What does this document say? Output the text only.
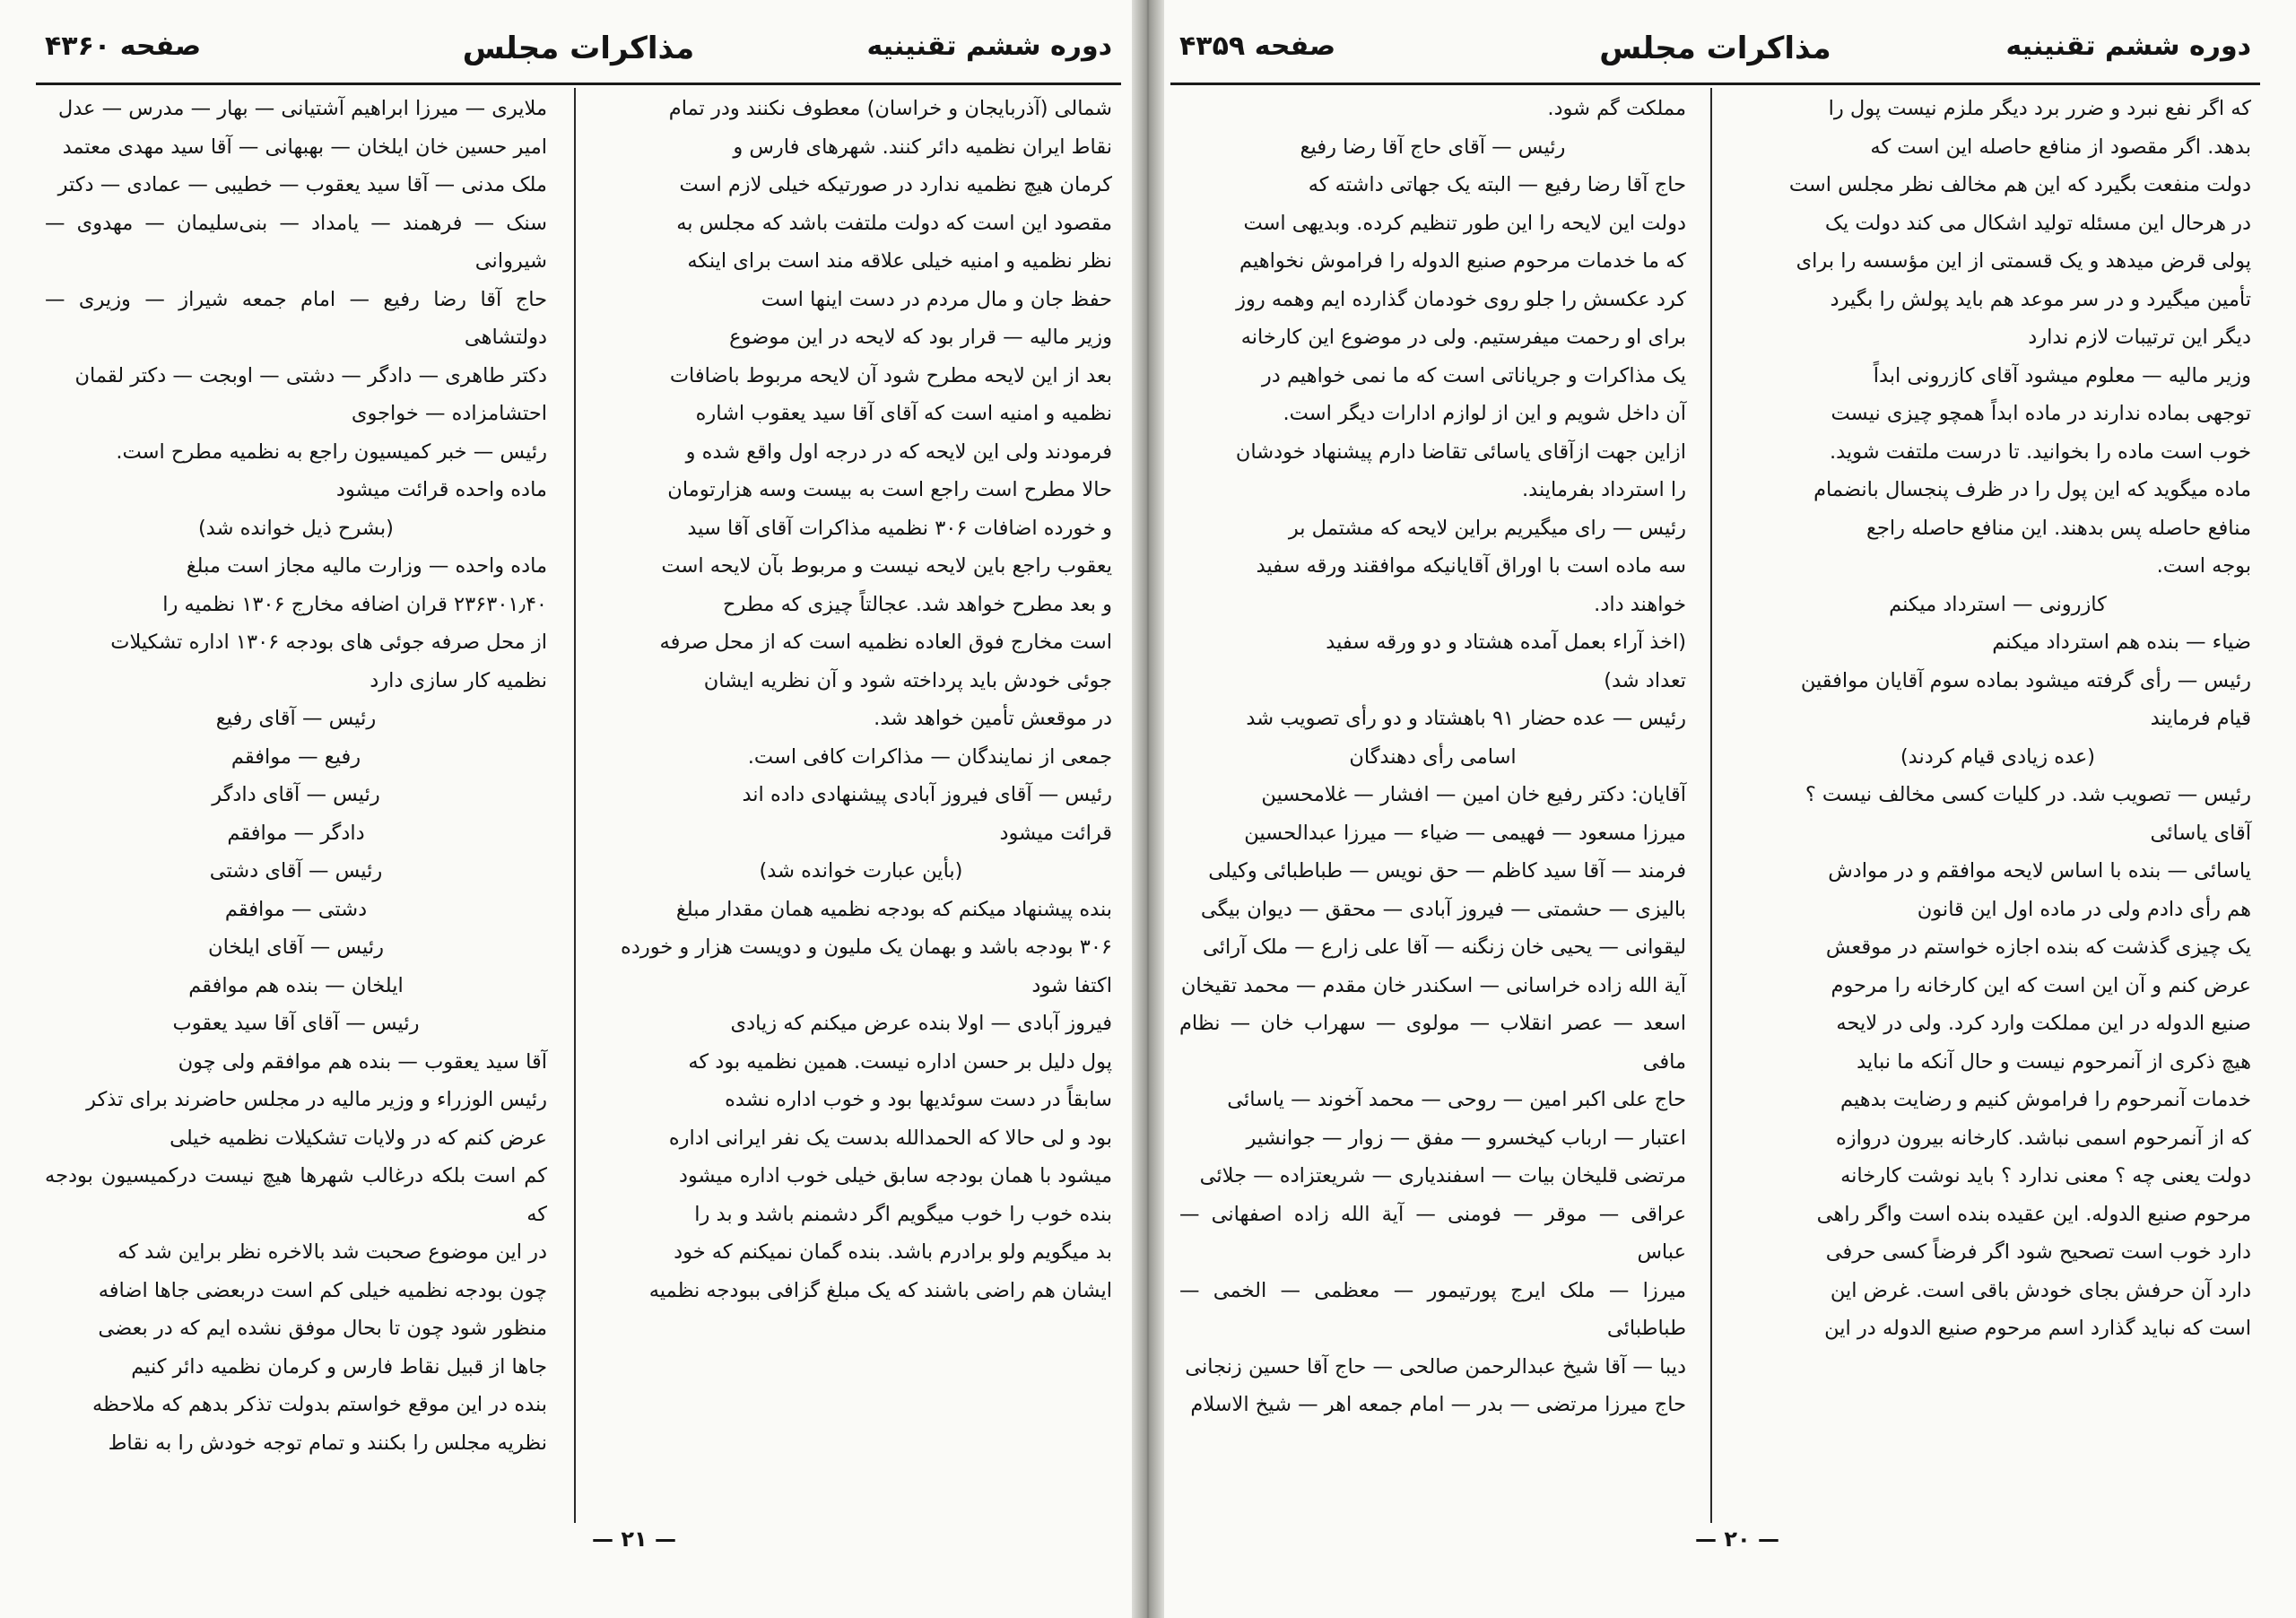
صفحه ۴۳۶۰	مذاکرات مجلس	دوره ششم تقنینیه

شمالی (آذربایجان و خراسان) معطوف نکنند ودر تمام

نقاط ایران نظمیه دائر کنند. شهرهای فارس و

کرمان هیچ نظمیه ندارد در صورتیکه خیلی لازم است

مقصود این است که دولت ملتفت باشد که مجلس به

نظر نظمیه و امنیه خیلی علاقه مند است برای اینکه

حفظ جان و مال مردم در دست اینها است

وزیر مالیه — قرار بود که لایحه در این موضوع

بعد از این لایحه مطرح شود آن لایحه مربوط باضافات

نظمیه و امنیه است که آقای آقا سید یعقوب اشاره

فرمودند ولی این لایحه که در درجه اول واقع شده و

حالا مطرح است راجع است به بیست وسه هزارتومان

و خورده اضافات ۳۰۶ نظمیه مذاکرات آقای آقا سید

یعقوب راجع باین لایحه نیست و مربوط بآن لایحه است

و بعد مطرح خواهد شد. عجالتاً چیزی که مطرح

است مخارج فوق العاده نظمیه است که از محل صرفه

جوئی خودش باید پرداخته شود و آن نظریه ایشان

در موقعش تأمین خواهد شد.

جمعی از نمایندگان — مذاکرات کافی است.

رئیس — آقای فیروز آبادی پیشنهادی داده اند

قرائت میشود

(بأين عبارت خوانده شد)

بنده پیشنهاد میکنم که بودجه نظمیه همان مقدار مبلغ

۳۰۶ بودجه باشد و بهمان یک ملیون و دویست هزار و خورده

اکتفا شود

فیروز آبادی — اولا بنده عرض میکنم که زیادی

پول دلیل بر حسن اداره نیست. همین نظمیه بود که

سابقاً در دست سوئدیها بود و خوب اداره نشده

بود و لی حالا که الحمدالله بدست یک نفر ایرانی اداره

میشود با همان بودجه سابق خیلی خوب اداره میشود

بنده خوب را خوب میگویم اگر دشمنم باشد و بد را

بد میگویم ولو برادرم باشد. بنده گمان نمیکنم که خود

ایشان هم راضی باشند که یک مبلغ گزافی ببودجه نظمیه

ملایری — میرزا ابراهیم آشتیانی — بهار — مدرس — عدل

امیر حسین خان ایلخان — بهبهانی — آقا سید مهدی معتمد

ملک مدنی — آقا سید یعقوب — خطیبی — عمادی — دکتر

سنک — فرهمند — یامداد — بنی‌سلیمان — مهدوی — شیروانی

حاج آقا رضا رفیع — امام جمعه شیراز — وزیری — دولتشاهی

دکتر طاهری — دادگر — دشتی — اوبجت — دکتر لقمان

احتشامزاده — خواجوی

رئیس — خبر کمیسیون راجع به نظمیه مطرح است.

ماده واحده قرائت میشود

(بشرح ذیل خوانده شد)

ماده واحده — وزارت مالیه مجاز است مبلغ

۲۳۶۳۰۱٫۴۰ قران اضافه مخارج ۱۳۰۶ نظمیه را

از محل صرفه جوئی های بودجه ۱۳۰۶ اداره تشکیلات

نظمیه کار سازی دارد

رئیس — آقای رفیع

رفیع — موافقم

رئیس — آقای دادگر

دادگر — موافقم

رئیس — آقای دشتی

دشتی — موافقم

رئیس — آقای ایلخان

ایلخان — بنده هم موافقم

رئیس — آقای آقا سید یعقوب

آقا سید یعقوب — بنده هم موافقم ولی چون

رئیس الوزراء و وزیر مالیه در مجلس حاضرند برای تذکر

عرض کنم که در ولایات تشکیلات نظمیه خیلی

کم است بلکه درغالب شهرها هیچ نیست درکمیسیون بودجه که

در این موضوع صحبت شد بالاخره نظر براین شد که

چون بودجه نظمیه خیلی کم است دربعضی جاها اضافه

منظور شود چون تا بحال موفق نشده ایم که در بعضی

جاها از قبیل نقاط فارس و کرمان نظمیه دائر کنیم

بنده در این موقع خواستم بدولت تذکر بدهم که ملاحظه

نظریه مجلس را بکنند و تمام توجه خودش را به نقاط

— ۲۱ —
صفحه ۴۳۵۹	مذاکرات مجلس	دوره ششم تقنینیه

که اگر نفع نبرد و ضرر برد دیگر ملزم نیست پول را

بدهد. اگر مقصود از منافع حاصله این است که

دولت منفعت بگیرد که این هم مخالف نظر مجلس است

در هرحال این مسئله تولید اشکال می کند دولت یک

پولی قرض میدهد و یک قسمتی از این مؤسسه را برای

تأمین میگیرد و در سر موعد هم باید پولش را بگیرد

دیگر این ترتیبات لازم ندارد

وزیر مالیه — معلوم میشود آقای کازرونی ابداً

توجهی بماده ندارند در ماده ابداً همچو چیزی نیست

خوب است ماده را بخوانید. تا درست ملتفت شوید.

ماده میگوید که این پول را در ظرف پنجسال بانضمام

منافع حاصله پس بدهند. این منافع حاصله راجع

بوجه است.

کازرونی — استرداد میکنم

ضیاء — بنده هم استرداد میکنم

رئیس — رأی گرفته میشود بماده سوم آقایان موافقین

قیام فرمایند

(عده زیادی قیام کردند)

رئیس — تصویب شد. در کلیات کسی مخالف نیست ؟

آقای یاسائی

یاسائی — بنده با اساس لایحه موافقم و در موادش

هم رأی دادم ولی در ماده اول این قانون

یک چیزی گذشت که بنده اجازه خواستم در موقعش

عرض کنم و آن این است که این کارخانه را مرحوم

صنیع الدوله در این مملکت وارد کرد. ولی در لایحه

هیچ ذکری از آنمرحوم نیست و حال آنکه ما نباید

خدمات آنمرحوم را فراموش کنیم و رضایت بدهیم

که از آنمرحوم اسمی نباشد. کارخانه بیرون دروازه

دولت یعنی چه ؟ معنی ندارد ؟ باید نوشت کارخانه

مرحوم صنیع الدوله. این عقیده بنده است واگر راهی

دارد خوب است تصحیح شود اگر فرضاً کسی حرفی

دارد آن حرفش بجای خودش باقی است. غرض این

است که نباید گذارد اسم مرحوم صنیع الدوله در این

مملکت گم شود.

رئیس — آقای حاج آقا رضا رفیع

حاج آقا رضا رفیع — البته یک جهاتی داشته که

دولت این لایحه را این طور تنظیم کرده. وبدیهی است

که ما خدمات مرحوم صنیع الدوله را فراموش نخواهیم

کرد عکسش را جلو روی خودمان گذارده ایم وهمه روز

برای او رحمت میفرستیم. ولی در موضوع این کارخانه

یک مذاکرات و جریاناتی است که ما نمی خواهیم در

آن داخل شویم و این از لوازم ادارات دیگر است.

ازاین جهت ازآقای یاسائی تقاضا دارم پیشنهاد خودشان

را استرداد بفرمایند.

رئیس — رای میگیریم براین لایحه که مشتمل بر

سه ماده است با اوراق آقایانیکه موافقند ورقه سفید

خواهند داد.

(اخذ آراء بعمل آمده هشتاد و دو ورقه سفید

تعداد شد)

رئیس — عده حضار ۹۱ باهشتاد و دو رأی تصویب شد

اسامی رأی دهندگان

آقایان: دکتر رفیع خان امین — افشار — غلامحسین

میرزا مسعود — فهیمی — ضیاء — میرزا عبدالحسین

فرمند — آقا سید کاظم — حق نویس — طباطبائی وکیلی

بالیزی — حشمتی — فیروز آبادی — محقق — دیوان بیگی

لیقوانی — یحیی خان زنگنه — آقا علی زارع — ملک آرائی

آیة الله زاده خراسانی — اسکندر خان مقدم — محمد تقیخان

اسعد — عصر انقلاب — مولوی — سهراب خان — نظام مافی

حاج علی اکبر امین — روحی — محمد آخوند — یاسائی

اعتبار — ارباب کیخسرو — مفق — زوار — جوانشیر

مرتضی قلیخان بیات — اسفندیاری — شریعتزاده — جلائی

عراقی — موقر — فومنی — آیة الله زاده اصفهانی — عباس

میرزا — ملک ایرج پورتیمور — معظمی — الخمی — طباطبائی

دیبا — آقا شیخ عبدالرحمن صالحی — حاج آقا حسین زنجانی

حاج میرزا مرتضی — بدر — امام جمعه اهر — شیخ الاسلام

— ۲۰ —
